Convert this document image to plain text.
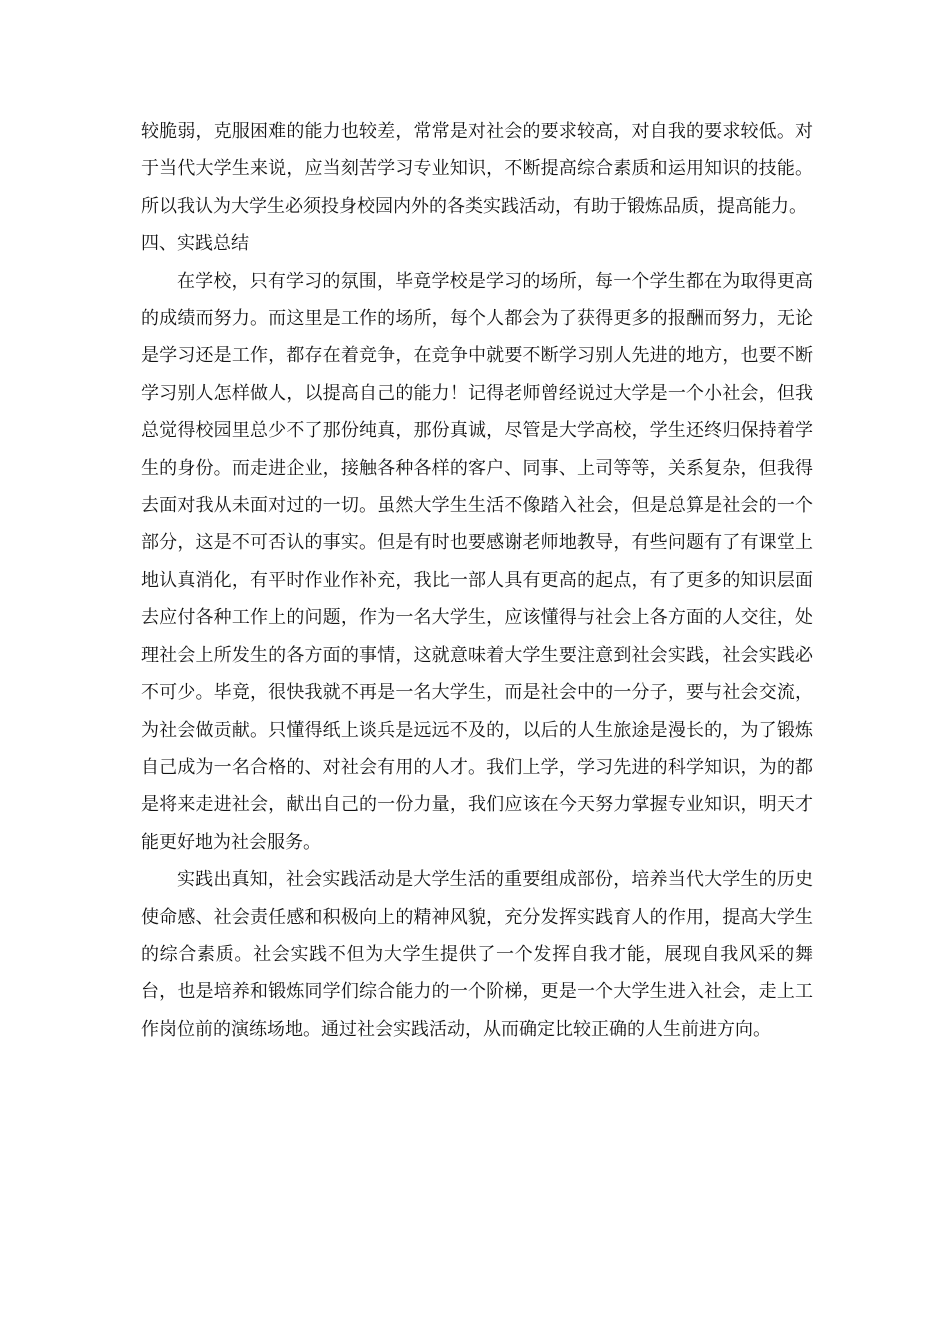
较脆弱，克服困难的能力也较差，常常是对社会的要求较高，对自我的要求较低。对于当代大学生来说，应当刻苦学习专业知识，不断提高综合素质和运用知识的技能。所以我认为大学生必须投身校园内外的各类实践活动，有助于锻炼品质，提高能力。

四、实践总结

在学校，只有学习的氛围，毕竟学校是学习的场所，每一个学生都在为取得更高的成绩而努力。而这里是工作的场所，每个人都会为了获得更多的报酬而努力，无论是学习还是工作，都存在着竞争，在竞争中就要不断学习别人先进的地方，也要不断学习别人怎样做人，以提高自己的能力！记得老师曾经说过大学是一个小社会，但我总觉得校园里总少不了那份纯真，那份真诚，尽管是大学高校，学生还终归保持着学生的身份。而走进企业，接触各种各样的客户、同事、上司等等，关系复杂，但我得去面对我从未面对过的一切。虽然大学生生活不像踏入社会，但是总算是社会的一个部分，这是不可否认的事实。但是有时也要感谢老师地教导，有些问题有了有课堂上地认真消化，有平时作业作补充，我比一部人具有更高的起点，有了更多的知识层面去应付各种工作上的问题，作为一名大学生，应该懂得与社会上各方面的人交往，处理社会上所发生的各方面的事情，这就意味着大学生要注意到社会实践，社会实践必不可少。毕竟，很快我就不再是一名大学生，而是社会中的一分子，要与社会交流，为社会做贡献。只懂得纸上谈兵是远远不及的，以后的人生旅途是漫长的，为了锻炼自己成为一名合格的、对社会有用的人才。我们上学，学习先进的科学知识，为的都是将来走进社会，献出自己的一份力量，我们应该在今天努力掌握专业知识，明天才能更好地为社会服务。

实践出真知，社会实践活动是大学生活的重要组成部份，培养当代大学生的历史使命感、社会责任感和积极向上的精神风貌，充分发挥实践育人的作用，提高大学生的综合素质。社会实践不但为大学生提供了一个发挥自我才能，展现自我风采的舞台，也是培养和锻炼同学们综合能力的一个阶梯，更是一个大学生进入社会，走上工作岗位前的演练场地。通过社会实践活动，从而确定比较正确的人生前进方向。
